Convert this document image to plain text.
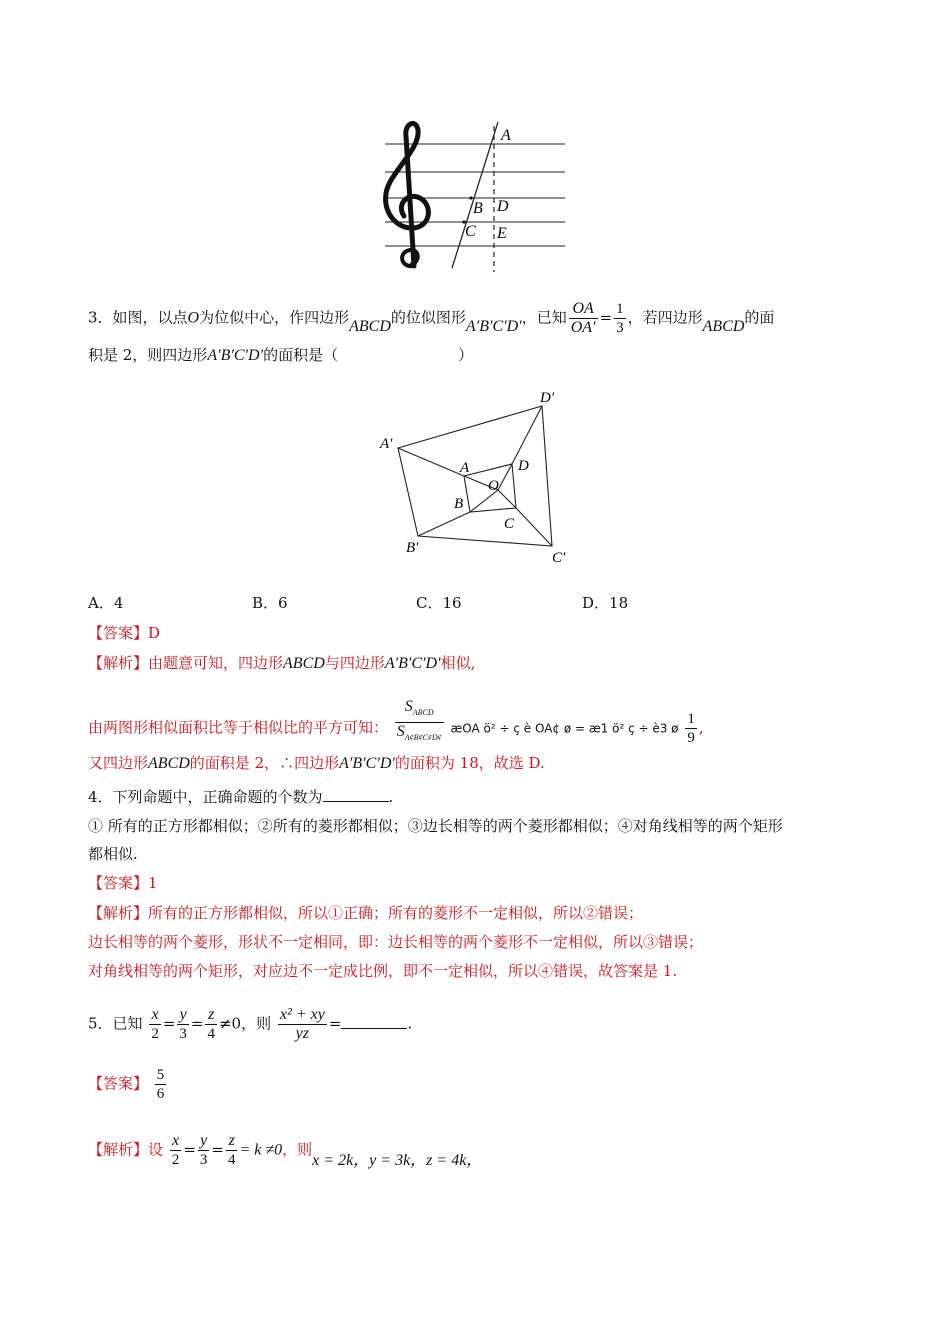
A
B D
C E
3．如图，以点O为位似中心，作四边形ABCD的位似图形A′B′C′D′，已知 $\frac{OA}{OA'} = \frac{1}{3}$ ，若四边形ABCD的面
积是 2，则四边形A′B′C′D′的面积是（	）
A′
D′
A	D
O
B
C
B′
C′
A．4	B．6	C．16	D．18
【答案】D
【解析】由题意可知，四边形ABCD与四边形A′B′C′D′相似,
由两图形相似面积比等于相似比的平方可知： $\frac{S_{ABCD}}{S_{A¢B¢C¢D¢}}$ æOA ö² ÷ ç è OA¢ ø = æ1 ö² ç ÷ è3 ø $\frac{1}{9}$ ,
又四边形ABCD的面积是 2，∴四边形A′B′C′D′的面积为 18，故选 D.
4．下列命题中，正确命题的个数为	.
① 所有的正方形都相似；②所有的菱形都相似；③边长相等的两个菱形都相似；④对角线相等的两个矩形
都相似.
【答案】1
【解析】所有的正方形都相似，所以①正确；所有的菱形不一定相似，所以②错误；
边长相等的两个菱形，形状不一定相同，即：边长相等的两个菱形不一定相似，所以③错误；
对角线相等的两个矩形，对应边不一定成比例，即不一定相似，所以④错误，故答案是 1.
5．已知 $\frac{x}{2} = \frac{y}{3} = \frac{z}{4} \ne 0$，则 $\frac{\text{x² + xy}}{yz}$ =	.
【答案】 $\frac{5}{6}$
【解析】设 $\frac{x}{2} = \frac{y}{3} = \frac{z}{4} = k \ne 0$，则x = 2k，y = 3k，z = 4k，
